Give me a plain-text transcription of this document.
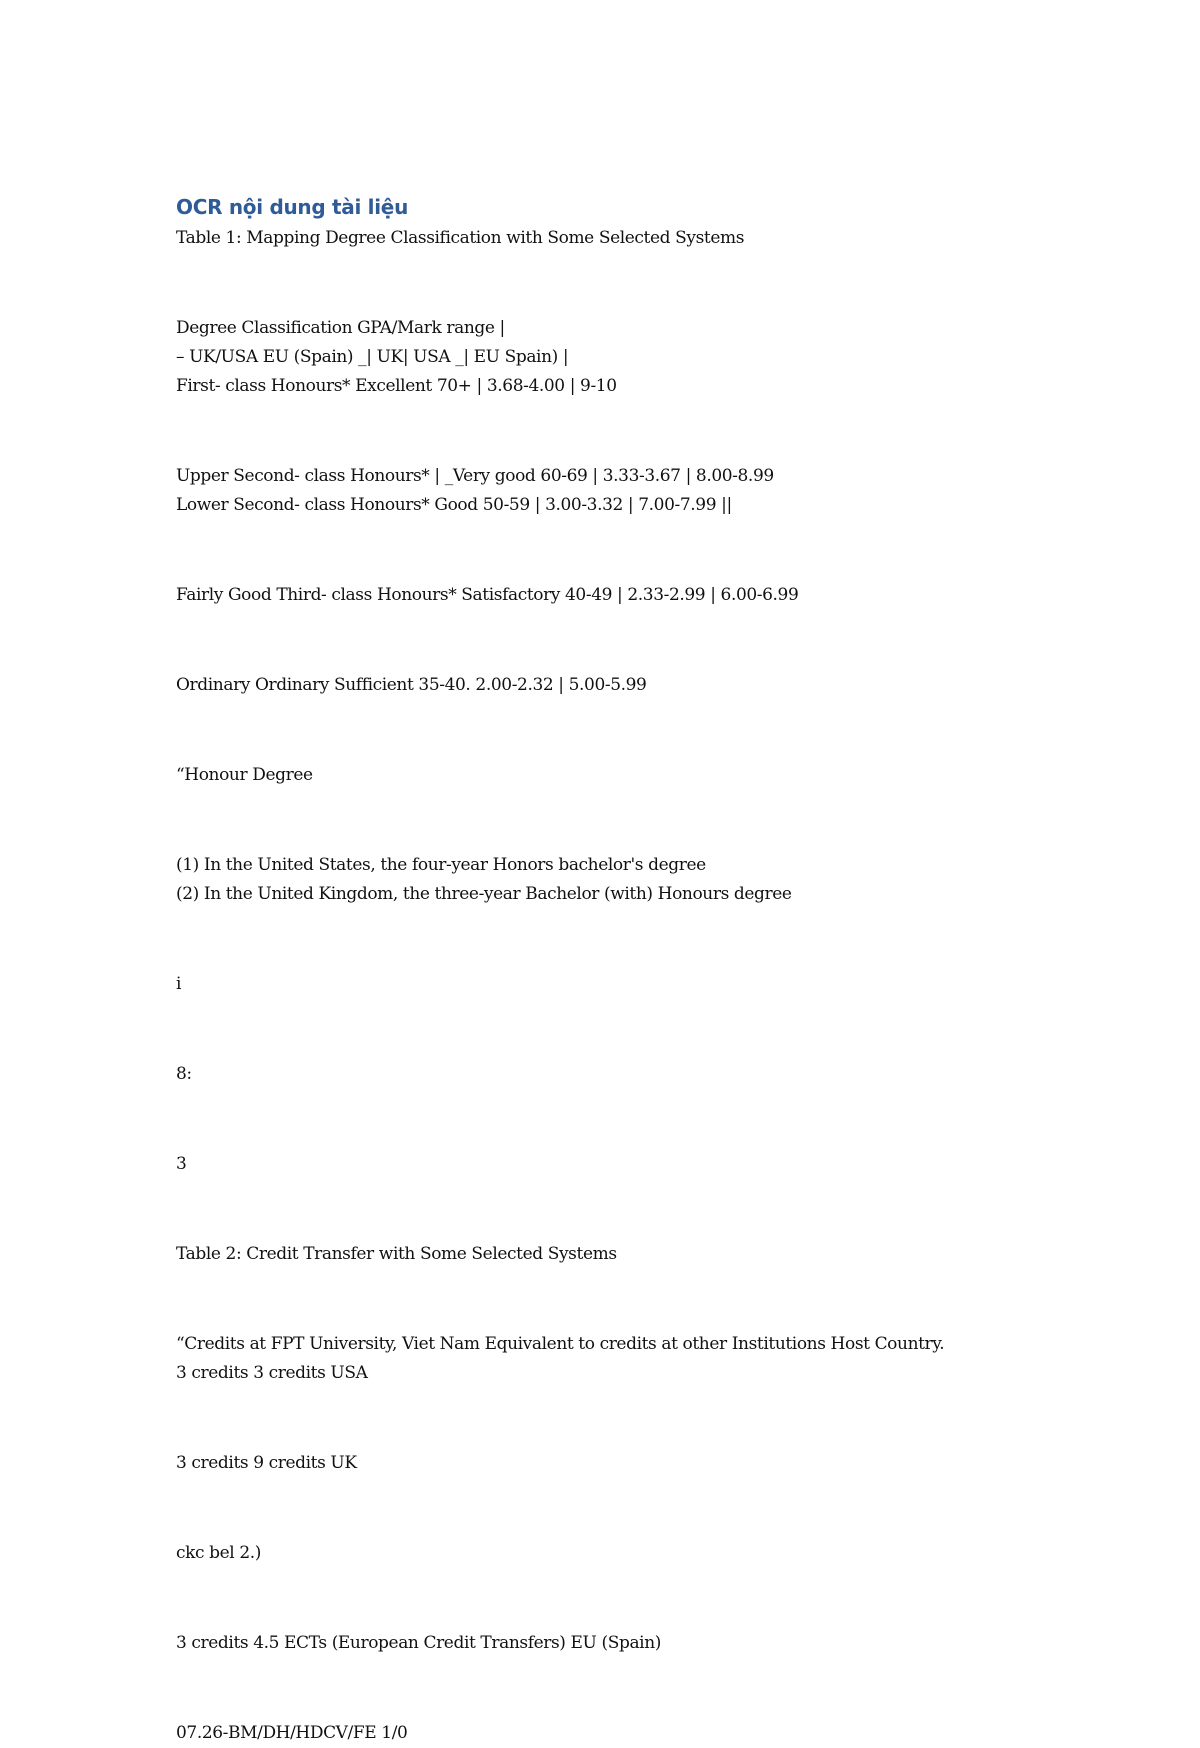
OCR nội dung tài liệu

Table 1: Mapping Degree Classification with Some Selected Systems

Degree Classification GPA/Mark range |

– UK/USA EU (Spain) _| UK| USA _| EU Spain) |

First- class Honours* Excellent 70+ | 3.68-4.00 | 9-10

Upper Second- class Honours* | _Very good 60-69 | 3.33-3.67 | 8.00-8.99

Lower Second- class Honours* Good 50-59 | 3.00-3.32 | 7.00-7.99 ||

Fairly Good Third- class Honours* Satisfactory 40-49 | 2.33-2.99 | 6.00-6.99

Ordinary Ordinary Sufficient 35-40. 2.00-2.32 | 5.00-5.99

“Honour Degree

(1) In the United States, the four-year Honors bachelor's degree

(2) In the United Kingdom, the three-year Bachelor (with) Honours degree

i

8:

3

Table 2: Credit Transfer with Some Selected Systems

“Credits at FPT University, Viet Nam Equivalent to credits at other Institutions Host Country.

3 credits 3 credits USA

3 credits 9 credits UK

ckc bel 2.)

3 credits 4.5 ECTs (European Credit Transfers) EU (Spain)

07.26-BM/DH/HDCV/FE 1/0
